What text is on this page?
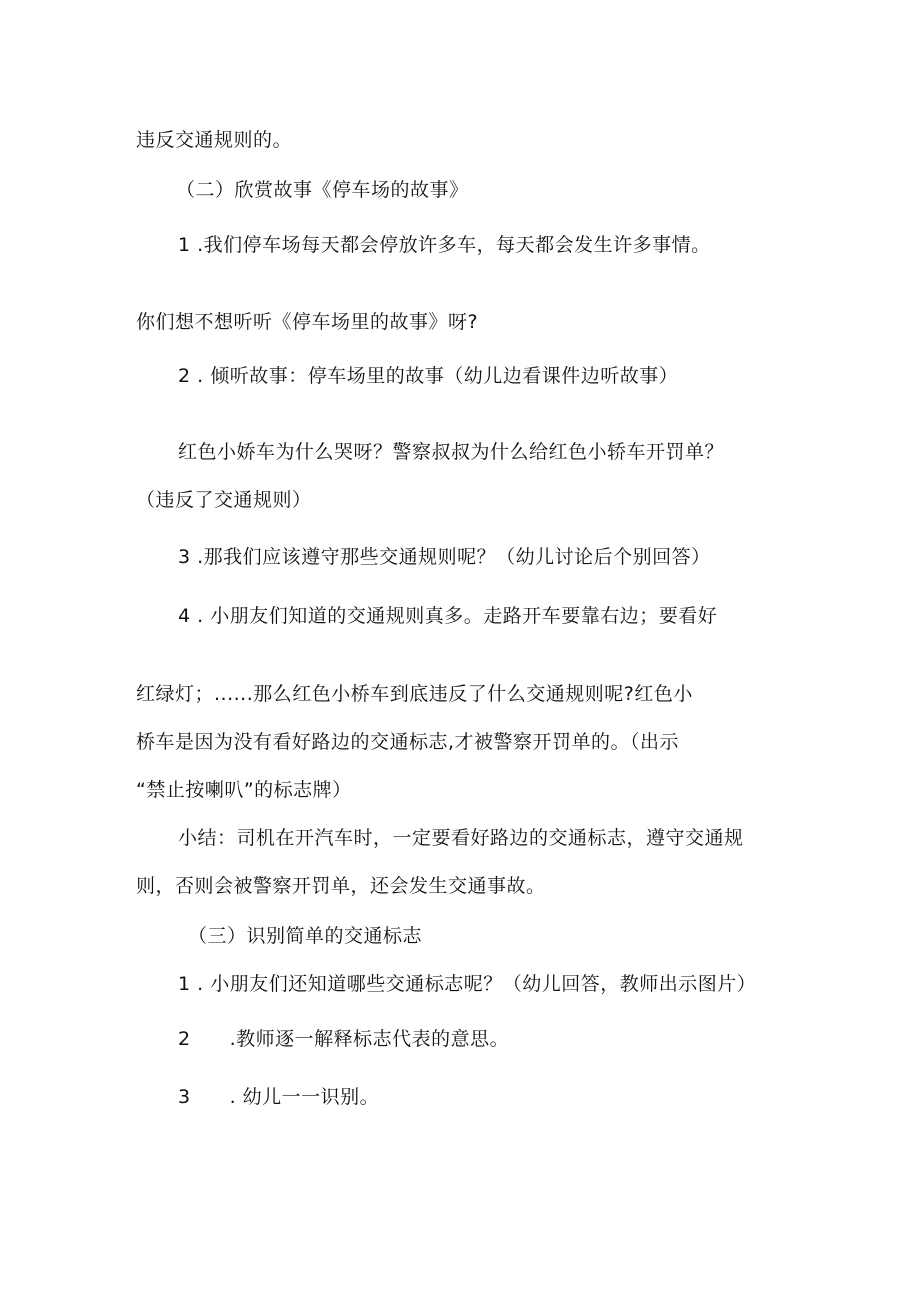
违反交通规则的。
（二）欣赏故事《停车场的故事》
1 .我们停车场每天都会停放许多车，每天都会发生许多事情。
你们想不想听听《停车场里的故事》呀?
2 . 倾听故事：停车场里的故事（幼儿边看课件边听故事）
红色小娇车为什么哭呀？警察叔叔为什么给红色小轿车开罚单？
（违反了交通规则）
3 .那我们应该遵守那些交通规则呢？（幼儿讨论后个别回答）
4 . 小朋友们知道的交通规则真多。走路开车要靠右边；要看好
红绿灯；......那么红色小桥车到底违反了什么交通规则呢?红色小
桥车是因为没有看好路边的交通标志,才被警察开罚单的。（出示
“禁止按喇叭”的标志牌）
小结：司机在开汽车时，一定要看好路边的交通标志，遵守交通规
则，否则会被警察开罚单，还会发生交通事故。
（三）识别简单的交通标志
1 . 小朋友们还知道哪些交通标志呢？（幼儿回答，教师出示图片）
2　　.教师逐一解释标志代表的意思。
3　　. 幼儿一一识别。
